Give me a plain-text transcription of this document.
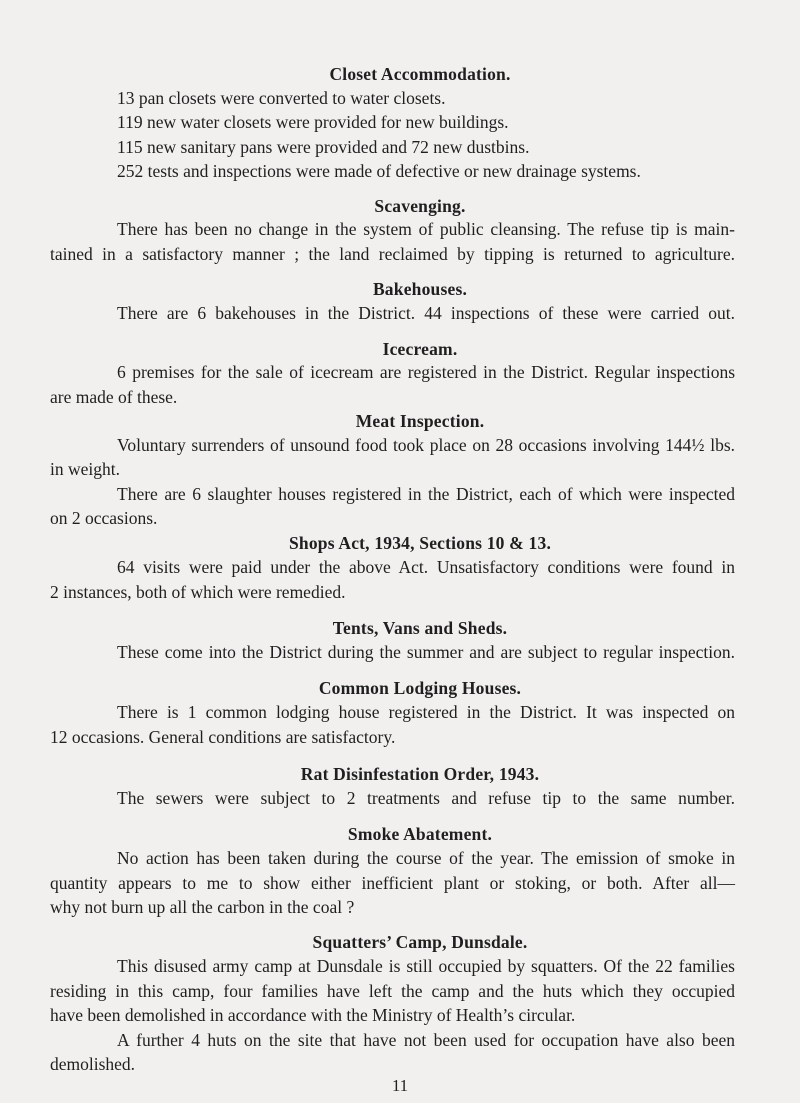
Closet Accommodation.
13 pan closets were converted to water closets.
119 new water closets were provided for new buildings.
115 new sanitary pans were provided and 72 new dustbins.
252 tests and inspections were made of defective or new drainage systems.
Scavenging.
There has been no change in the system of public cleansing. The refuse tip is main-
tained in a satisfactory manner ; the land reclaimed by tipping is returned to agriculture.
Bakehouses.
There are 6 bakehouses in the District. 44 inspections of these were carried out.
Icecream.
6 premises for the sale of icecream are registered in the District. Regular inspections
are made of these.
Meat Inspection.
Voluntary surrenders of unsound food took place on 28 occasions involving 144½ lbs.
in weight.
There are 6 slaughter houses registered in the District, each of which were inspected
on 2 occasions.
Shops Act, 1934, Sections 10 & 13.
64 visits were paid under the above Act. Unsatisfactory conditions were found in
2 instances, both of which were remedied.
Tents, Vans and Sheds.
These come into the District during the summer and are subject to regular inspection.
Common Lodging Houses.
There is 1 common lodging house registered in the District. It was inspected on
12 occasions. General conditions are satisfactory.
Rat Disinfestation Order, 1943.
The sewers were subject to 2 treatments and refuse tip to the same number.
Smoke Abatement.
No action has been taken during the course of the year. The emission of smoke in
quantity appears to me to show either inefficient plant or stoking, or both. After all—
why not burn up all the carbon in the coal ?
Squatters’ Camp, Dunsdale.
This disused army camp at Dunsdale is still occupied by squatters. Of the 22 families
residing in this camp, four families have left the camp and the huts which they occupied
have been demolished in accordance with the Ministry of Health’s circular.
A further 4 huts on the site that have not been used for occupation have also been
demolished.
11
